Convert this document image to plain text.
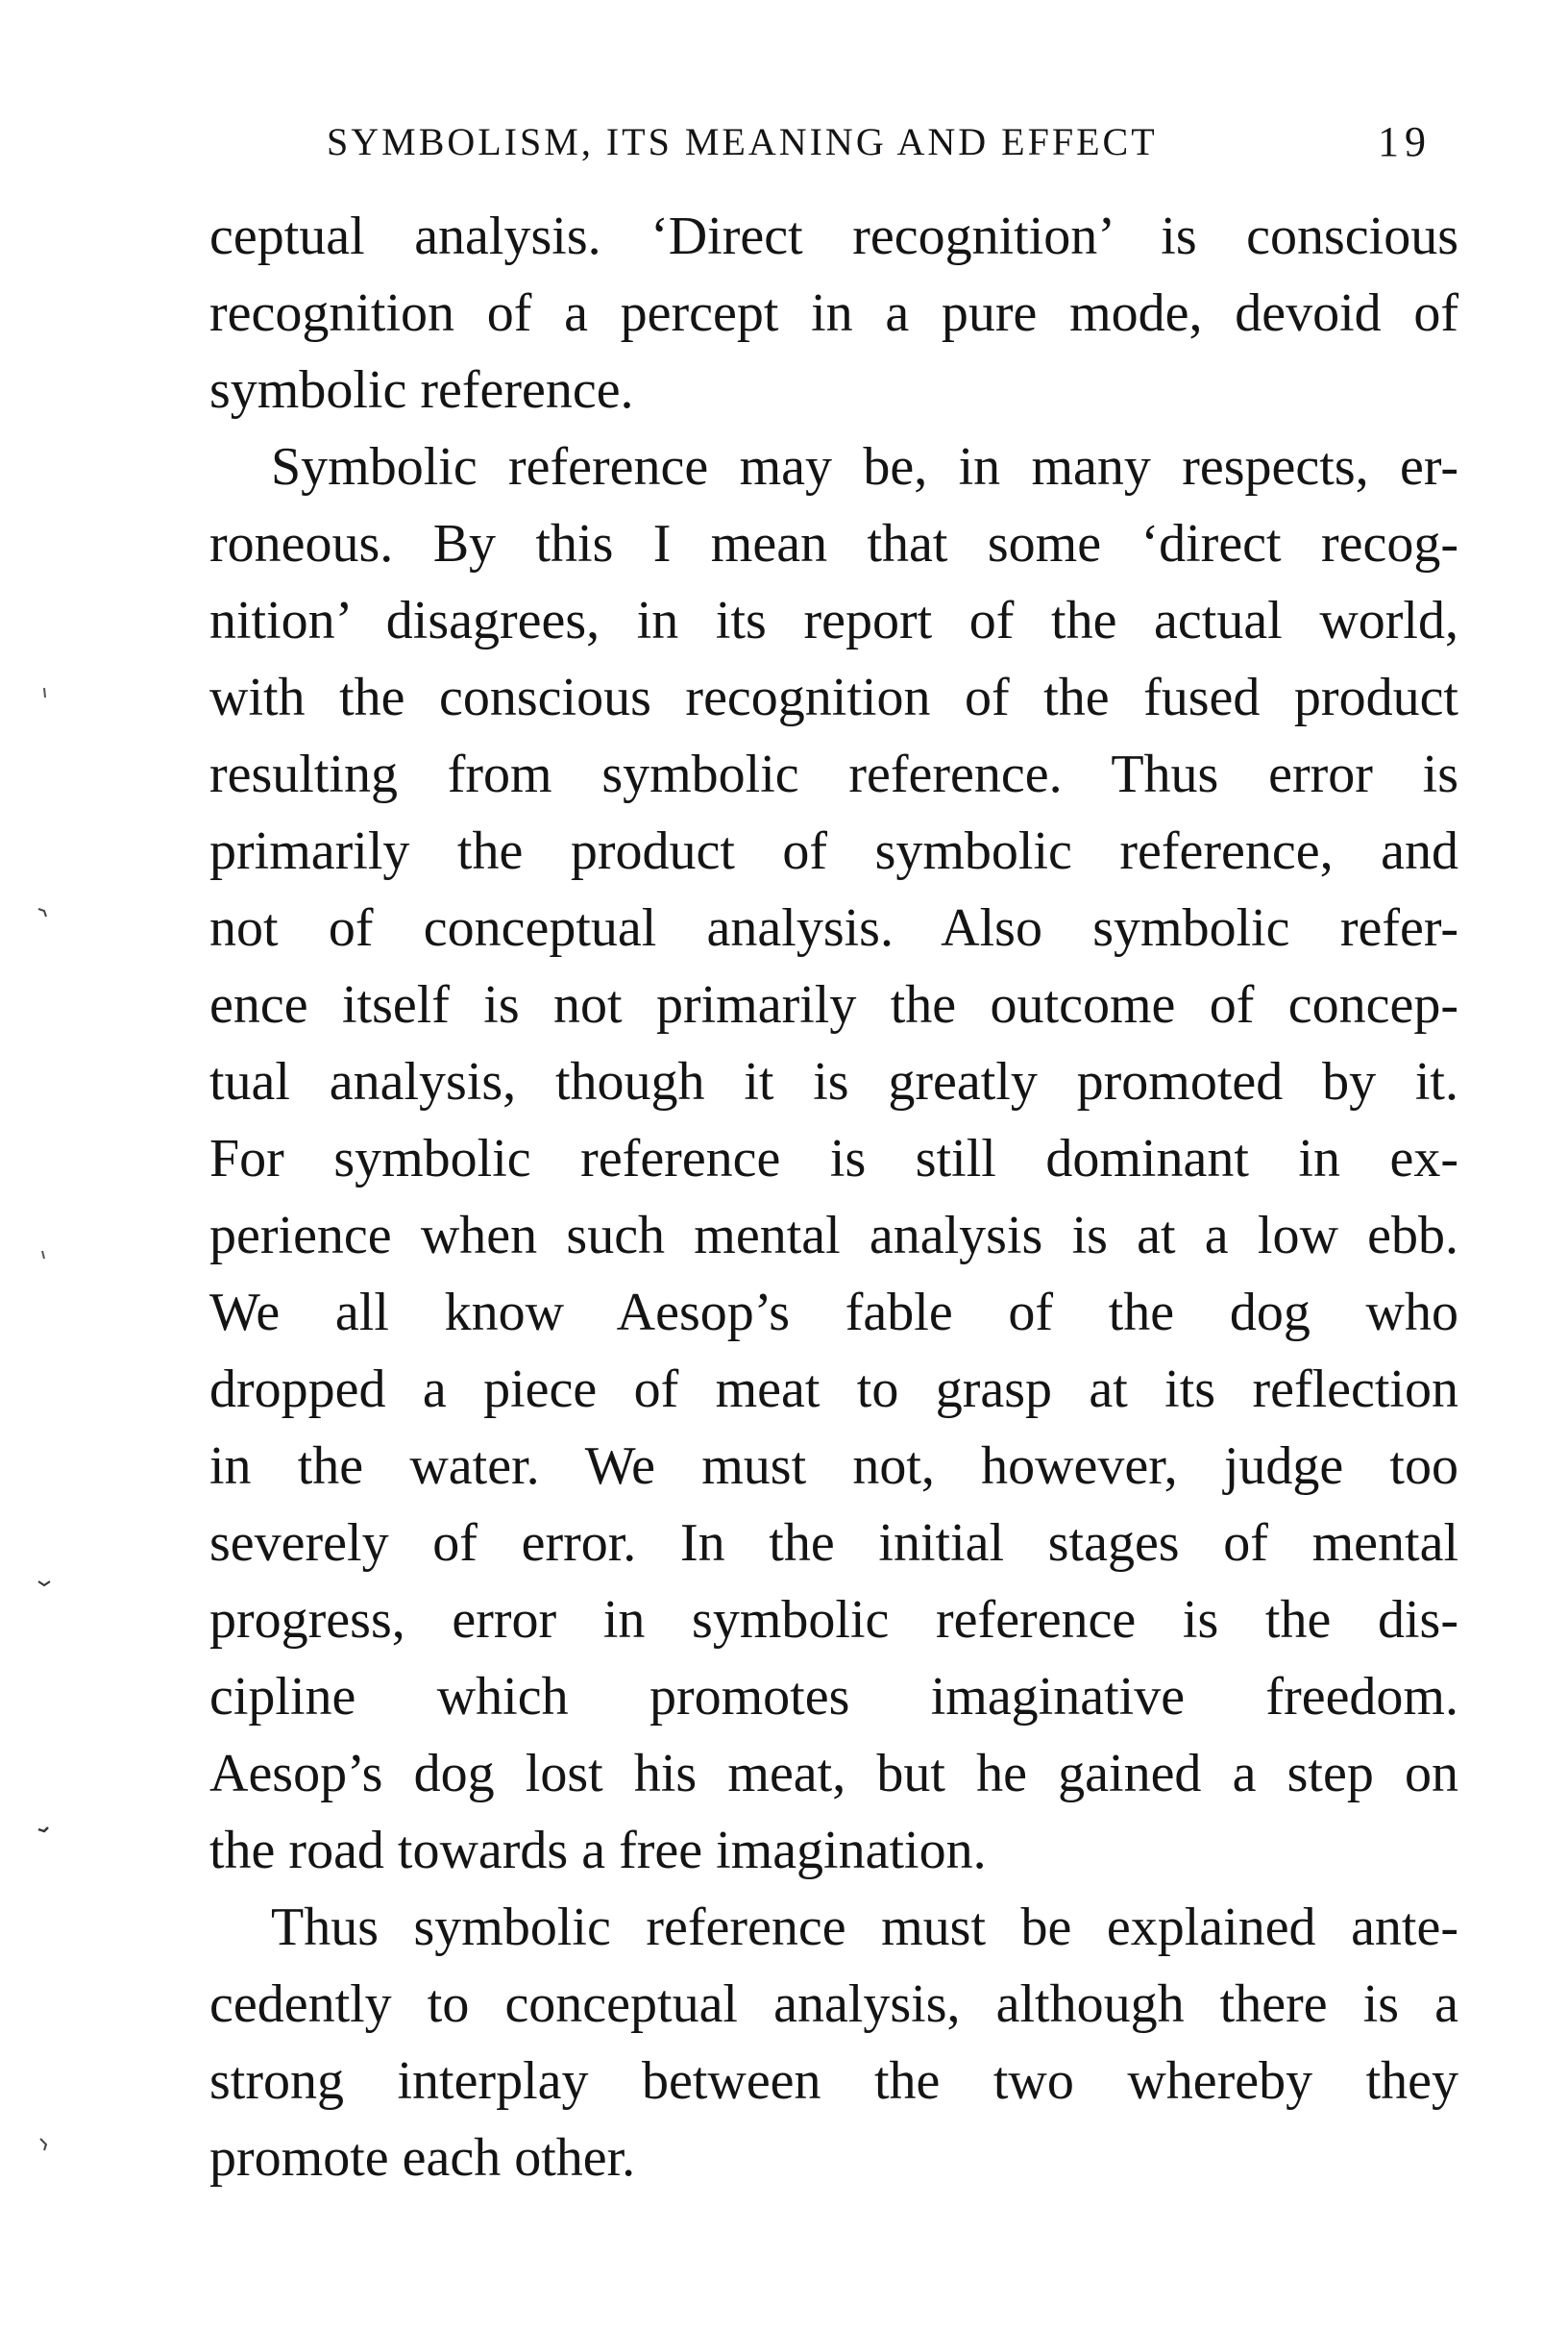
SYMBOLISM, ITS MEANING AND EFFECT	19
ceptual analysis. ‘Direct recognition’ is conscious
recognition of a percept in a pure mode, devoid of
symbolic reference.
Symbolic reference may be, in many respects, er-
roneous. By this I mean that some ‘direct recog-
nition’ disagrees, in its report of the actual world,
with the conscious recognition of the fused product
resulting from symbolic reference. Thus error is
primarily the product of symbolic reference, and
not of conceptual analysis. Also symbolic refer-
ence itself is not primarily the outcome of concep-
tual analysis, though it is greatly promoted by it.
For symbolic reference is still dominant in ex-
perience when such mental analysis is at a low ebb.
We all know Aesop’s fable of the dog who
dropped a piece of meat to grasp at its reflection
in the water. We must not, however, judge too
severely of error. In the initial stages of mental
progress, error in symbolic reference is the dis-
cipline which promotes imaginative freedom.
Aesop’s dog lost his meat, but he gained a step on
the road towards a free imagination.
Thus symbolic reference must be explained ante-
cedently to conceptual analysis, although there is a
strong interplay between the two whereby they
promote each other.
